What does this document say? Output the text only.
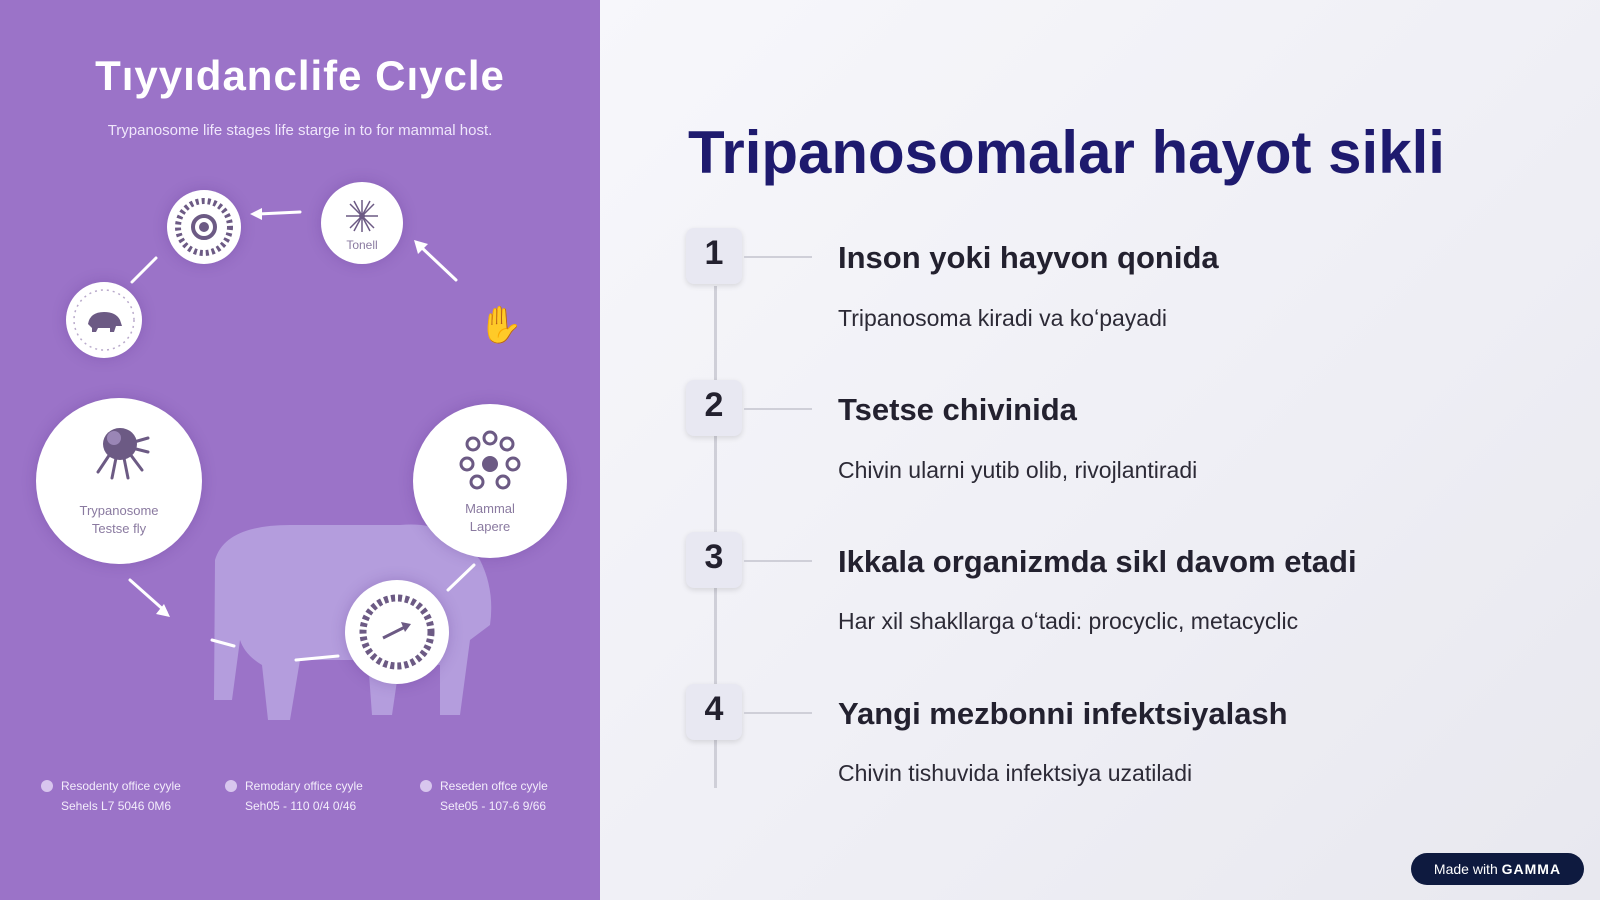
Tıyyıdanclife Cıycle
Trypanosome life stages life starge in to for mammal host.
Tonell
✋
Trypanosome
Testse fly
Mammal
Lapere
Resodenty office cyyle
Sehels L7 5046 0M6
Remodary office cyyle
Seh05 - 110 0/4 0/46
Reseden offce cyyle
Sete05 - 107-6 9/66
Tripanosomalar hayot sikli
1	Inson yoki hayvon qonida
Tripanosoma kiradi va koʻpayadi
2	Tsetse chivinida
Chivin ularni yutib olib, rivojlantiradi
3	Ikkala organizmda sikl davom etadi
Har xil shakllarga oʻtadi: procyclic, metacyclic
4	Yangi mezbonni infektsiyalash
Chivin tishuvida infektsiya uzatiladi
Made with GAMMA
